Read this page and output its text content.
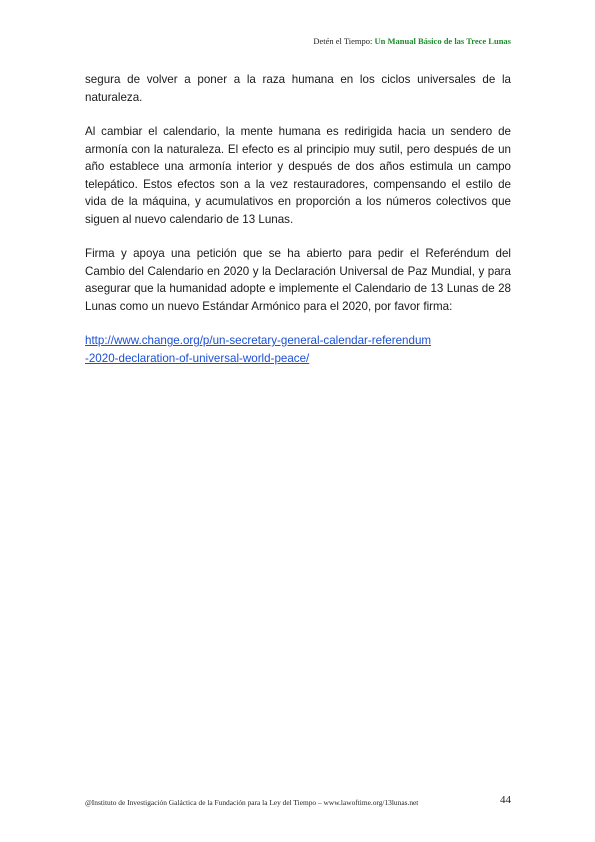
Detén el Tiempo: Un Manual Básico de las Trece Lunas

segura de volver a poner a la raza humana en los ciclos universales de la naturaleza.

Al cambiar el calendario, la mente humana es redirigida hacia un sendero de armonía con la naturaleza. El efecto es al principio muy sutil, pero después de un año establece una armonía interior y después de dos años estimula un campo telepático. Estos efectos son a la vez restauradores, compensando el estilo de vida de la máquina, y acumulativos en proporción a los números colectivos que siguen al nuevo calendario de 13 Lunas.

Firma y apoya una petición que se ha abierto para pedir el Referéndum del Cambio del Calendario en 2020 y la Declaración Universal de Paz Mundial, y para asegurar que la humanidad adopte e implemente el Calendario de 13 Lunas de 28 Lunas como un nuevo Estándar Armónico para el 2020, por favor firma:

http://www.change.org/p/un-secretary-general-calendar-referendum
-2020-declaration-of-universal-world-peace/
@Instituto de Investigación Galáctica de la Fundación para la Ley del Tiempo – www.lawoftime.org/13lunas.net	44
